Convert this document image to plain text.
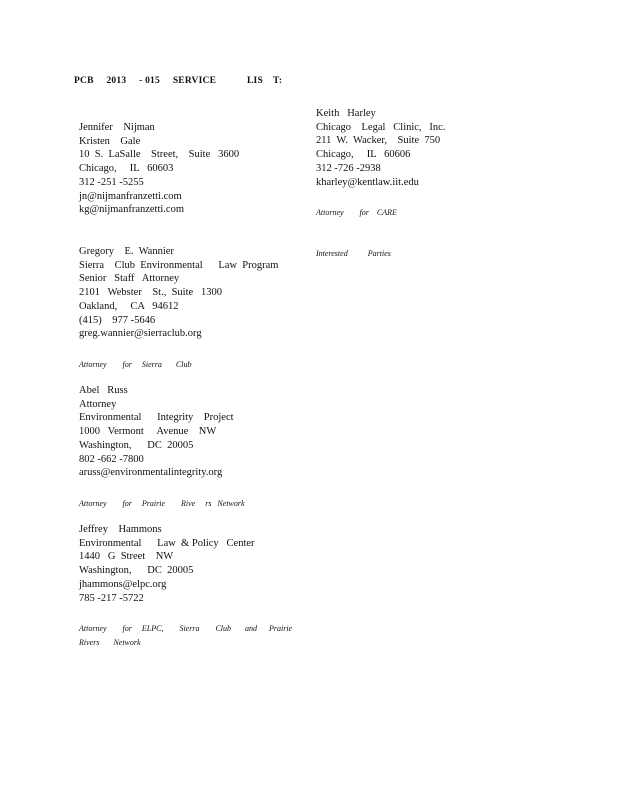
PCB     2013     - 015     SERVICE            LIS    T:
Jennifer    Nijman
Kristen    Gale
10  S.  LaSalle    Street,    Suite   3600
Chicago,     IL   60603
312 -251 -5255
jn@nijmanfranzetti.com
kg@nijmanfranzetti.com
Keith   Harley
Chicago    Legal   Clinic,   Inc.
211  W.  Wacker,    Suite  750
Chicago,     IL   60606
312 -726 -2938
kharley@kentlaw.iit.edu
Attorney        for    CARE
Interested          Parties
Gregory    E.  Wannier
Sierra    Club  Environmental      Law  Program
Senior   Staff   Attorney
2101   Webster    St.,  Suite   1300
Oakland,     CA   94612
(415)    977 -5646
greg.wannier@sierraclub.org
Attorney        for     Sierra       Club
Abel   Russ
Attorney
Environmental      Integrity    Project
1000   Vermont     Avenue    NW
Washington,      DC  20005
802 -662 -7800
aruss@environmentalintegrity.org
Attorney        for     Prairie        Rive     rs   Network
Jeffrey    Hammons
Environmental      Law  & Policy   Center
1440   G  Street    NW
Washington,      DC  20005
jhammons@elpc.org
785 -217 -5722
Attorney        for     ELPC,        Sierra        Club       and      Prairie
Rivers       Network
